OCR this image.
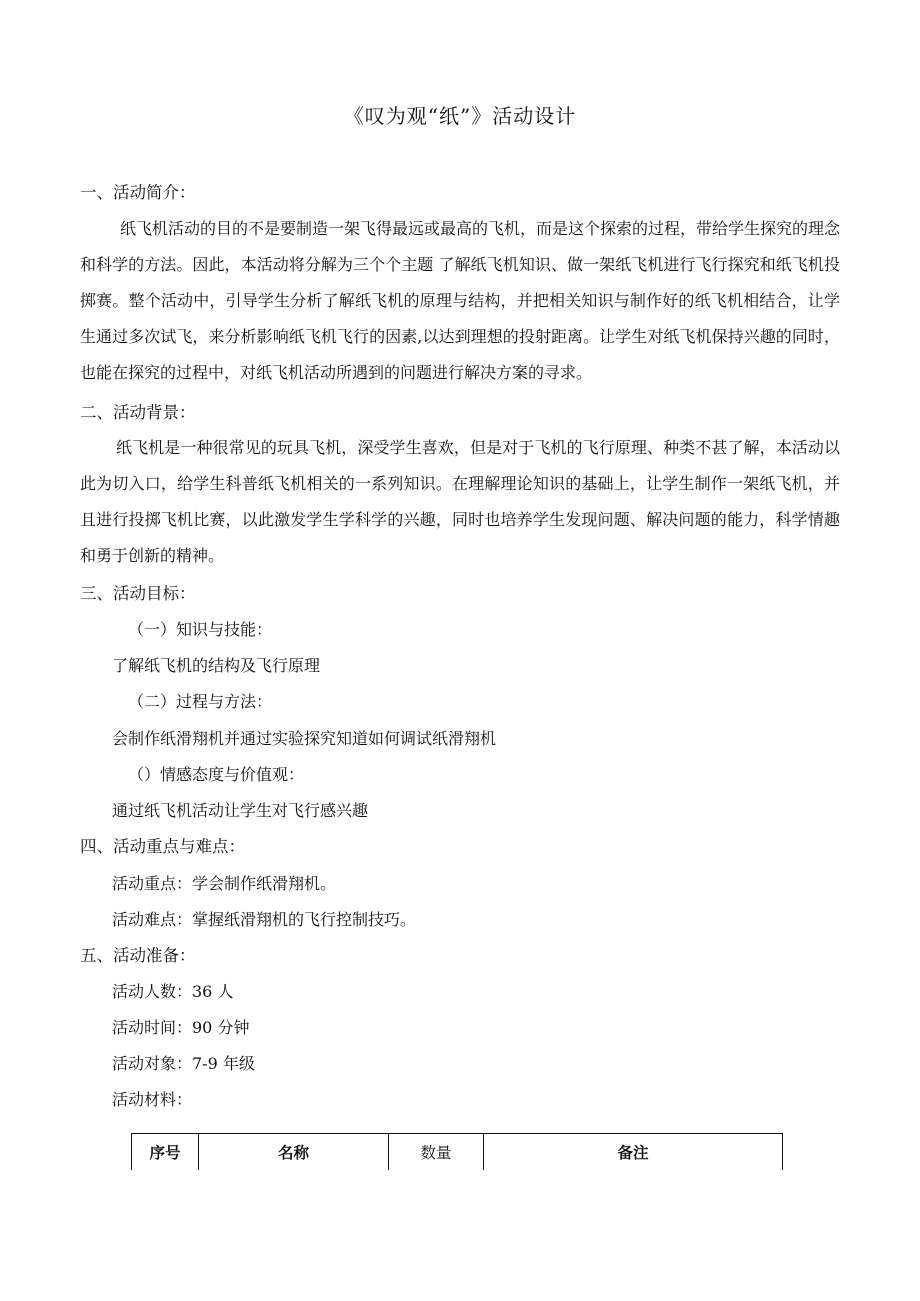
《叹为观“纸”》活动设计
一、活动简介：

纸飞机活动的目的不是要制造一架飞得最远或最高的飞机，而是这个探索的过程，带给学生探究的理念和科学的方法。因此，本活动将分解为三个个主题 了解纸飞机知识、做一架纸飞机进行飞行探究和纸飞机投掷赛。整个活动中，引导学生分析了解纸飞机的原理与结构，并把相关知识与制作好的纸飞机相结合，让学生通过多次试飞，来分析影响纸飞机飞行的因素,以达到理想的投射距离。让学生对纸飞机保持兴趣的同时，也能在探究的过程中，对纸飞机活动所遇到的问题进行解决方案的寻求。

二、活动背景：

纸飞机是一种很常见的玩具飞机，深受学生喜欢，但是对于飞机的飞行原理、种类不甚了解，本活动以此为切入口，给学生科普纸飞机相关的一系列知识。在理解理论知识的基础上，让学生制作一架纸飞机，并且进行投掷飞机比赛，以此激发学生学科学的兴趣，同时也培养学生发现问题、解决问题的能力，科学情趣和勇于创新的精神。

三、活动目标：
（一）知识与技能：
了解纸飞机的结构及飞行原理
（二）过程与方法：
会制作纸滑翔机并通过实验探究知道如何调试纸滑翔机
（）情感态度与价值观：
通过纸飞机活动让学生对飞行感兴趣
四、活动重点与难点：
活动重点：学会制作纸滑翔机。
活动难点：掌握纸滑翔机的飞行控制技巧。
五、活动准备：
活动人数：36 人
活动时间：90 分钟
活动对象：7-9 年级
活动材料：
序号	名称	数量	备注
